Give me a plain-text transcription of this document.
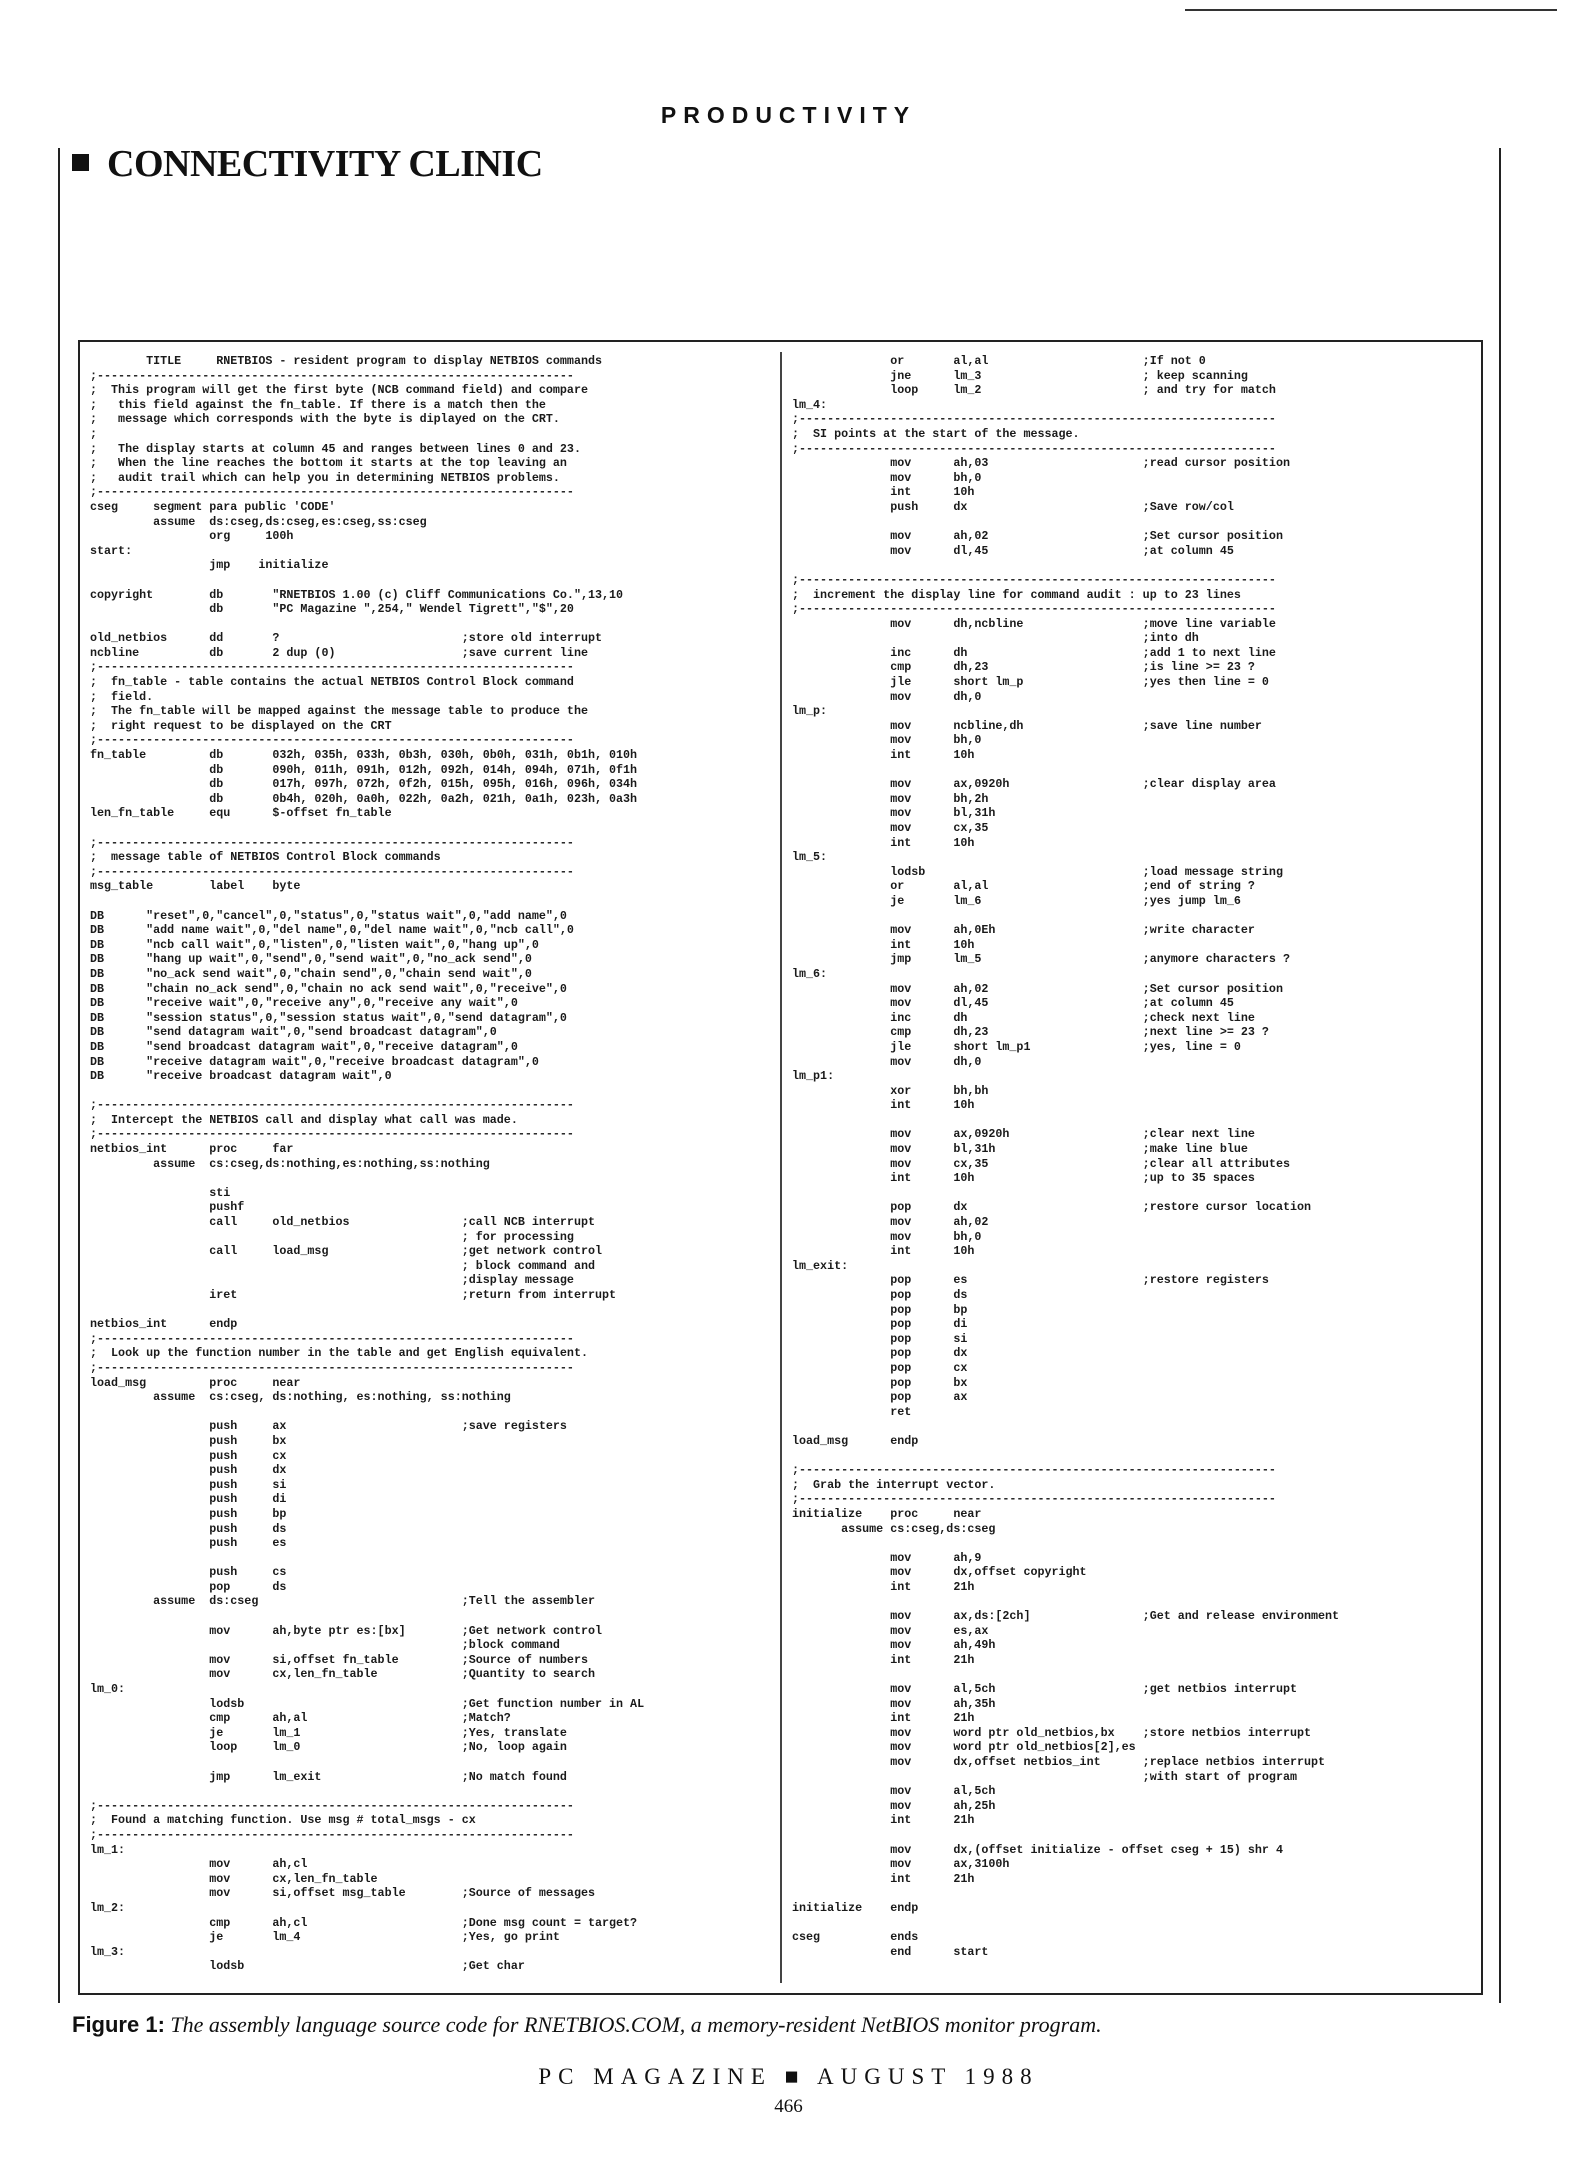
PRODUCTIVITY
CONNECTIVITY CLINIC
TITLE     RNETBIOS - resident program to display NETBIOS commands
;--------------------------------------------------------------------
;  This program will get the first byte (NCB command field) and compare
;   this field against the fn_table. If there is a match then the
;   message which corresponds with the byte is diplayed on the CRT.
;
;   The display starts at column 45 and ranges between lines 0 and 23.
;   When the line reaches the bottom it starts at the top leaving an
;   audit trail which can help you in determining NETBIOS problems.
;--------------------------------------------------------------------
cseg     segment para public 'CODE'
assume  ds:cseg,ds:cseg,es:cseg,ss:cseg
org     100h
start:
jmp    initialize

copyright        db       "RNETBIOS 1.00 (c) Cliff Communications Co.",13,10
db       "PC Magazine ",254," Wendel Tigrett","$",20

old_netbios      dd       ?                          ;store old interrupt
ncbline          db       2 dup (0)                  ;save current line
;--------------------------------------------------------------------
;  fn_table - table contains the actual NETBIOS Control Block command
;  field.
;  The fn_table will be mapped against the message table to produce the
;  right request to be displayed on the CRT
;--------------------------------------------------------------------
fn_table         db       032h, 035h, 033h, 0b3h, 030h, 0b0h, 031h, 0b1h, 010h
db       090h, 011h, 091h, 012h, 092h, 014h, 094h, 071h, 0f1h
db       017h, 097h, 072h, 0f2h, 015h, 095h, 016h, 096h, 034h
db       0b4h, 020h, 0a0h, 022h, 0a2h, 021h, 0a1h, 023h, 0a3h
len_fn_table     equ      $-offset fn_table

;--------------------------------------------------------------------
;  message table of NETBIOS Control Block commands
;--------------------------------------------------------------------
msg_table        label    byte

DB      "reset",0,"cancel",0,"status",0,"status wait",0,"add name",0
DB      "add name wait",0,"del name",0,"del name wait",0,"ncb call",0
DB      "ncb call wait",0,"listen",0,"listen wait",0,"hang up",0
DB      "hang up wait",0,"send",0,"send wait",0,"no_ack send",0
DB      "no_ack send wait",0,"chain send",0,"chain send wait",0
DB      "chain no_ack send",0,"chain no ack send wait",0,"receive",0
DB      "receive wait",0,"receive any",0,"receive any wait",0
DB      "session status",0,"session status wait",0,"send datagram",0
DB      "send datagram wait",0,"send broadcast datagram",0
DB      "send broadcast datagram wait",0,"receive datagram",0
DB      "receive datagram wait",0,"receive broadcast datagram",0
DB      "receive broadcast datagram wait",0

;--------------------------------------------------------------------
;  Intercept the NETBIOS call and display what call was made.
;--------------------------------------------------------------------
netbios_int      proc     far
assume  cs:cseg,ds:nothing,es:nothing,ss:nothing

sti
pushf
call     old_netbios                ;call NCB interrupt
; for processing
call     load_msg                   ;get network control
; block command and
;display message
iret                                ;return from interrupt

netbios_int      endp
;--------------------------------------------------------------------
;  Look up the function number in the table and get English equivalent.
;--------------------------------------------------------------------
load_msg         proc     near
assume  cs:cseg, ds:nothing, es:nothing, ss:nothing

push     ax                         ;save registers
push     bx
push     cx
push     dx
push     si
push     di
push     bp
push     ds
push     es

push     cs
pop      ds
assume  ds:cseg                             ;Tell the assembler

mov      ah,byte ptr es:[bx]        ;Get network control
;block command
mov      si,offset fn_table         ;Source of numbers
mov      cx,len_fn_table            ;Quantity to search
lm_0:
lodsb                               ;Get function number in AL
cmp      ah,al                      ;Match?
je       lm_1                       ;Yes, translate
loop     lm_0                       ;No, loop again

jmp      lm_exit                    ;No match found

;--------------------------------------------------------------------
;  Found a matching function. Use msg # total_msgs - cx
;--------------------------------------------------------------------
lm_1:
mov      ah,cl
mov      cx,len_fn_table
mov      si,offset msg_table        ;Source of messages
lm_2:
cmp      ah,cl                      ;Done msg count = target?
je       lm_4                       ;Yes, go print
lm_3:
lodsb                               ;Get char
or       al,al                      ;If not 0
jne      lm_3                       ; keep scanning
loop     lm_2                       ; and try for match
lm_4:
;--------------------------------------------------------------------
;  SI points at the start of the message.
;--------------------------------------------------------------------
mov      ah,03                      ;read cursor position
mov      bh,0
int      10h
push     dx                         ;Save row/col

mov      ah,02                      ;Set cursor position
mov      dl,45                      ;at column 45

;--------------------------------------------------------------------
;  increment the display line for command audit : up to 23 lines
;--------------------------------------------------------------------
mov      dh,ncbline                 ;move line variable
;into dh
inc      dh                         ;add 1 to next line
cmp      dh,23                      ;is line >= 23 ?
jle      short lm_p                 ;yes then line = 0
mov      dh,0
lm_p:
mov      ncbline,dh                 ;save line number
mov      bh,0
int      10h

mov      ax,0920h                   ;clear display area
mov      bh,2h
mov      bl,31h
mov      cx,35
int      10h
lm_5:
lodsb                               ;load message string
or       al,al                      ;end of string ?
je       lm_6                       ;yes jump lm_6

mov      ah,0Eh                     ;write character
int      10h
jmp      lm_5                       ;anymore characters ?
lm_6:
mov      ah,02                      ;Set cursor position
mov      dl,45                      ;at column 45
inc      dh                         ;check next line
cmp      dh,23                      ;next line >= 23 ?
jle      short lm_p1                ;yes, line = 0
mov      dh,0
lm_p1:
xor      bh,bh
int      10h

mov      ax,0920h                   ;clear next line
mov      bl,31h                     ;make line blue
mov      cx,35                      ;clear all attributes
int      10h                        ;up to 35 spaces

pop      dx                         ;restore cursor location
mov      ah,02
mov      bh,0
int      10h
lm_exit:
pop      es                         ;restore registers
pop      ds
pop      bp
pop      di
pop      si
pop      dx
pop      cx
pop      bx
pop      ax
ret

load_msg      endp

;--------------------------------------------------------------------
;  Grab the interrupt vector.
;--------------------------------------------------------------------
initialize    proc     near
assume cs:cseg,ds:cseg

mov      ah,9
mov      dx,offset copyright
int      21h

mov      ax,ds:[2ch]                ;Get and release environment
mov      es,ax
mov      ah,49h
int      21h

mov      al,5ch                     ;get netbios interrupt
mov      ah,35h
int      21h
mov      word ptr old_netbios,bx    ;store netbios interrupt
mov      word ptr old_netbios[2],es
mov      dx,offset netbios_int      ;replace netbios interrupt
;with start of program
mov      al,5ch
mov      ah,25h
int      21h

mov      dx,(offset initialize - offset cseg + 15) shr 4
mov      ax,3100h
int      21h

initialize    endp

cseg          ends
end      start
Figure 1: The assembly language source code for RNETBIOS.COM, a memory-resident NetBIOS monitor program.
PC MAGAZINE ■ AUGUST 1988
466
